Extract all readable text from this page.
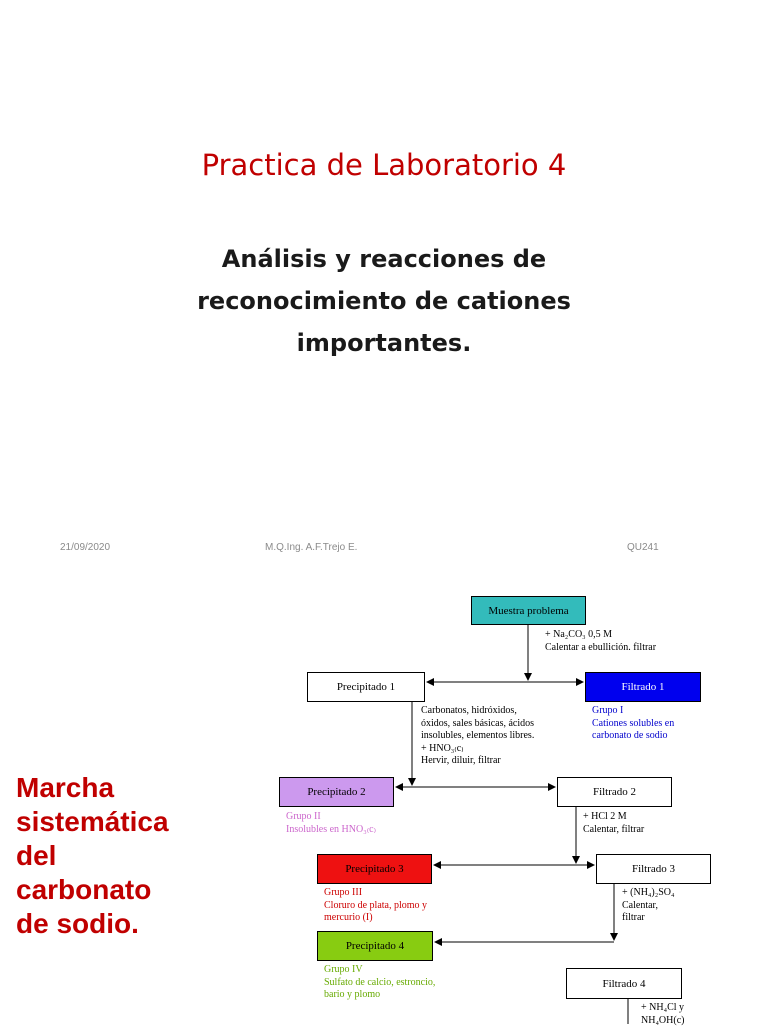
Practica de Laboratorio 4
Análisis y reacciones de
reconocimiento de cationes
importantes.
21/09/2020	M.Q.Ing. A.F.Trejo E.	QU241
Marcha
sistemática
del
carbonato
de sodio.
Muestra problema
Precipitado 1	Filtrado 1
Precipitado 2	Filtrado 2
Precipitado 3	Filtrado 3
Precipitado 4
Filtrado 4
+ Na₂CO₃ 0,5 M
Calentar a ebullición. filtrar
Grupo I
Cationes solubles en
carbonato de sodio
Carbonatos, hidróxidos,
óxidos, sales básicas, ácidos
insolubles, elementos libres.
+ HNO₃₍c₎
Hervir, diluir, filtrar
Grupo II
Insolubles en HNO₃₍c₎
+ HCl 2 M
Calentar, filtrar
Grupo III
Cloruro de plata, plomo y
mercurio (I)
+ (NH₄)₂SO₄
Calentar,
filtrar
Grupo IV
Sulfato de calcio, estroncio,
bario y plomo
+ NH₄Cl y
NH₄OH(c)
